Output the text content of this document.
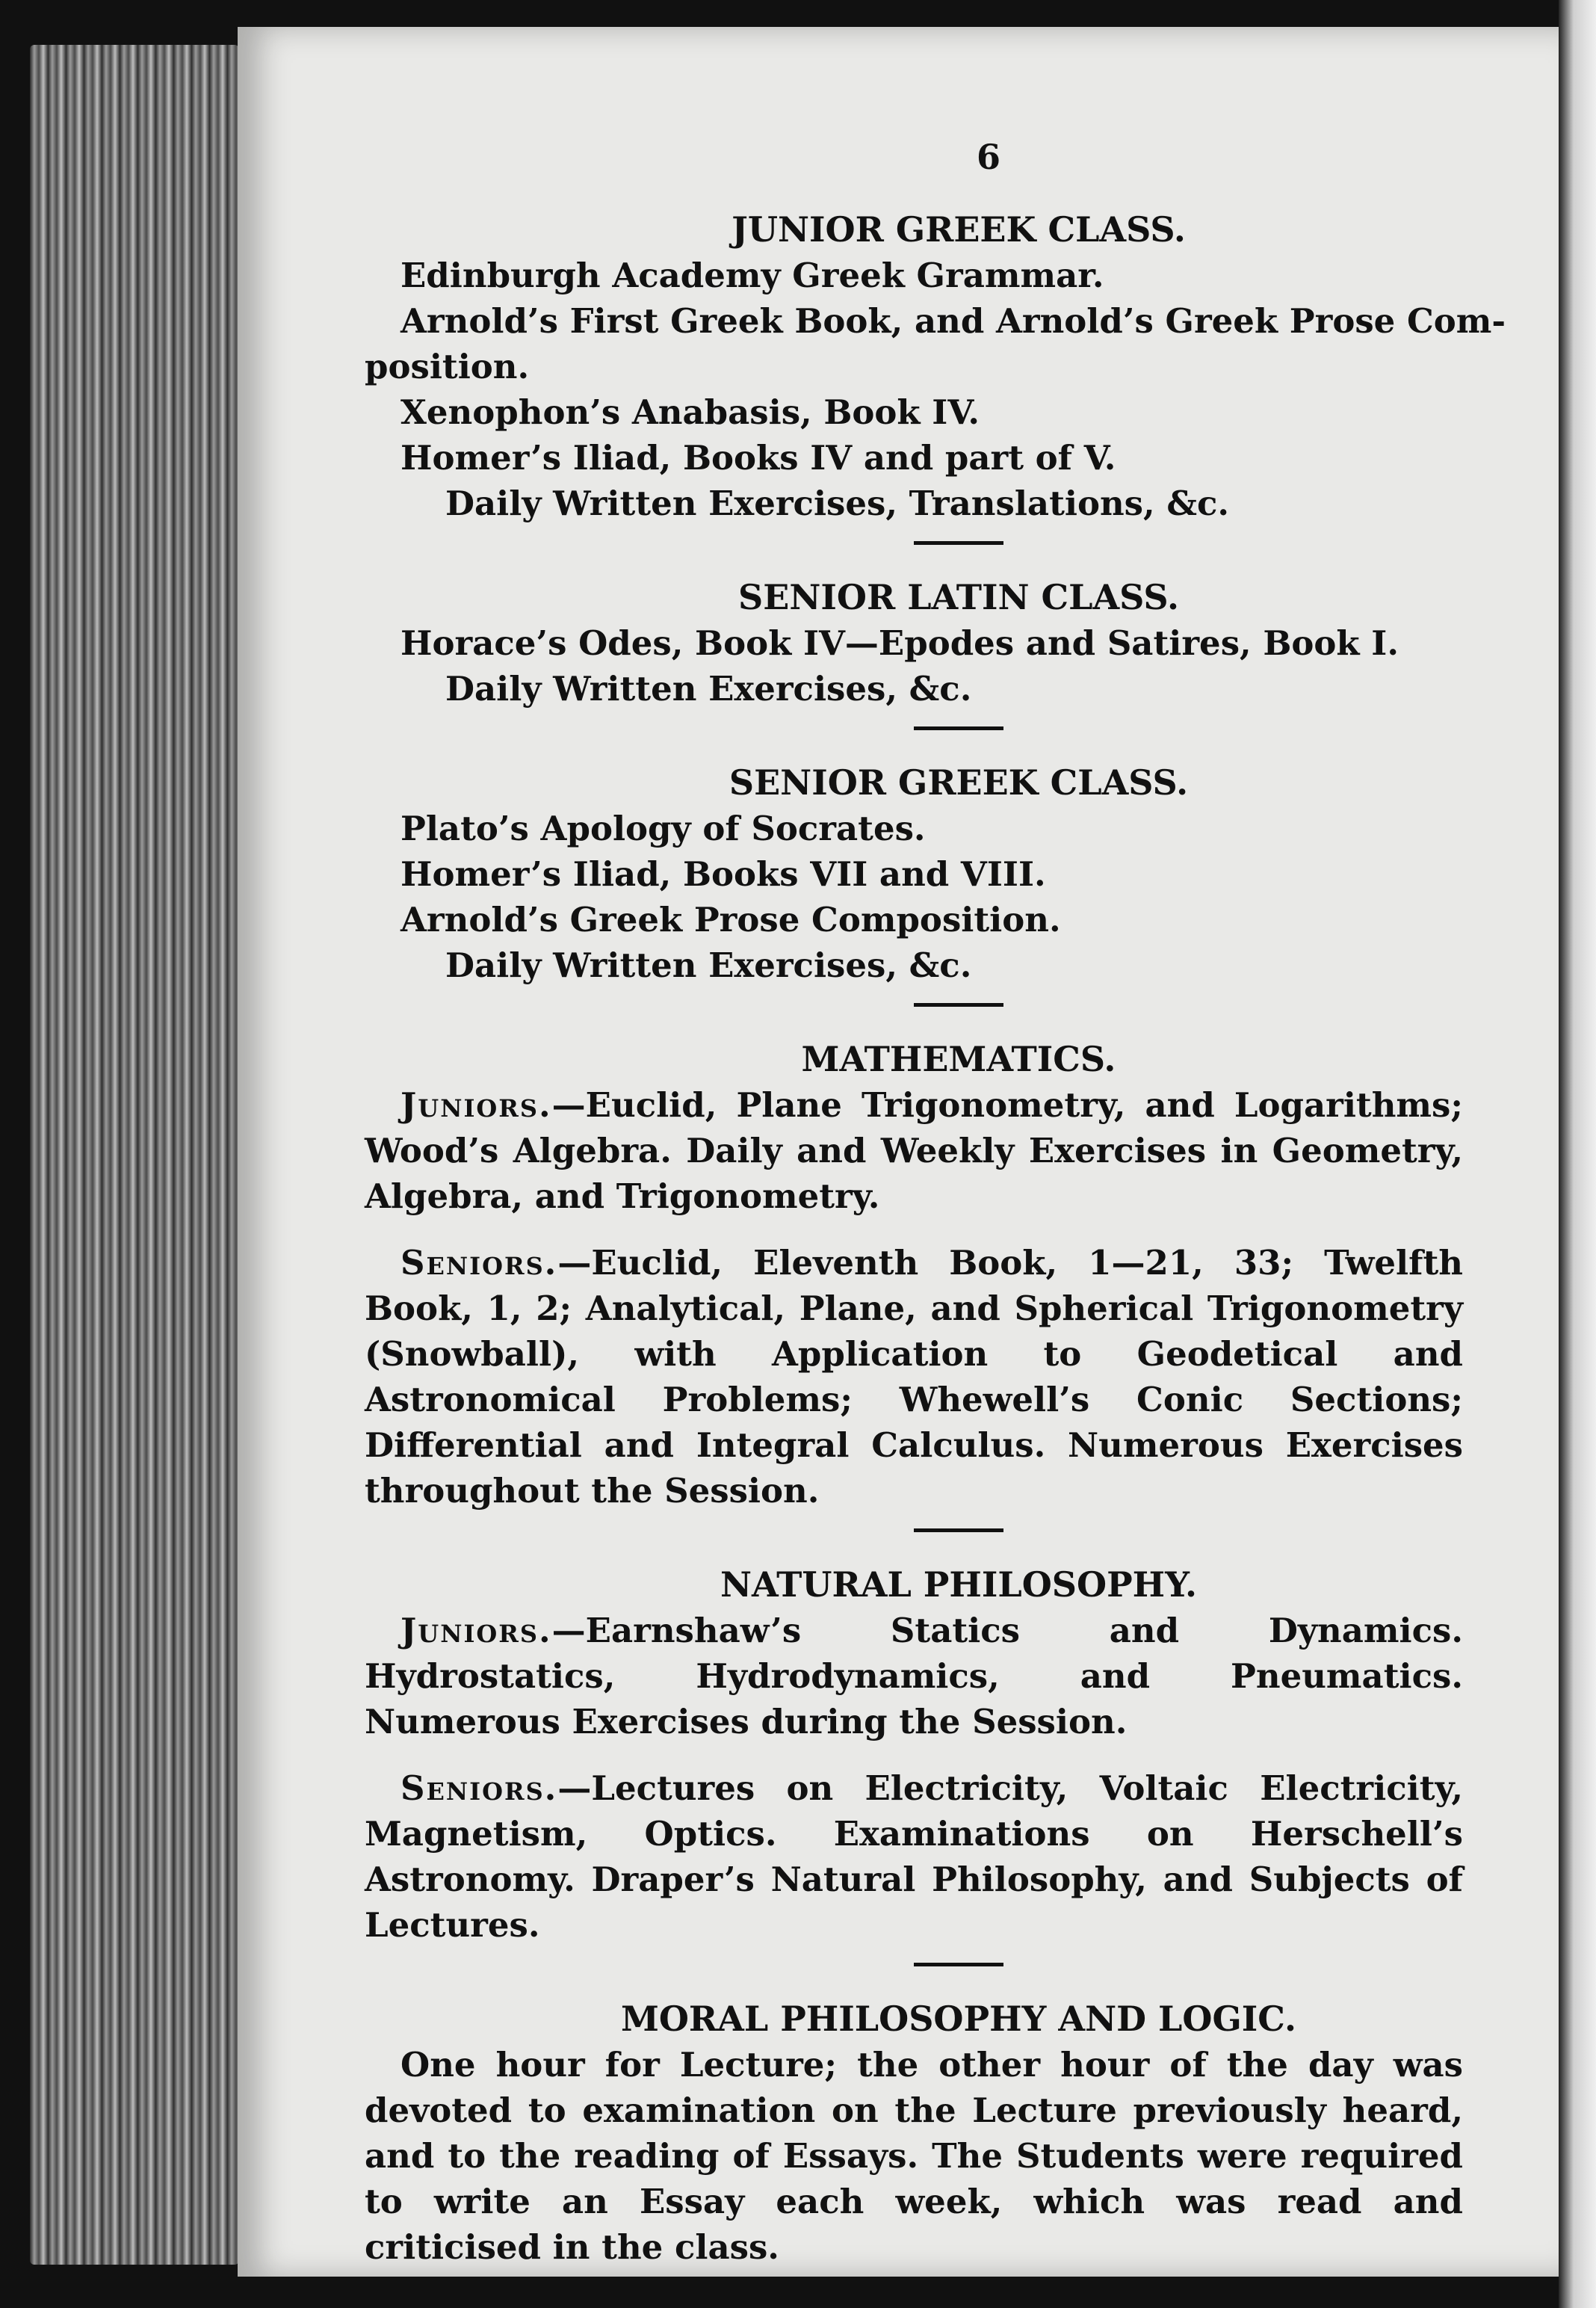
6

JUNIOR GREEK CLASS.

Edinburgh Academy Greek Grammar.

Arnold’s First Greek Book, and Arnold’s Greek Prose Com-

position.

Xenophon’s Anabasis, Book IV.

Homer’s Iliad, Books IV and part of V.

Daily Written Exercises, Translations, &c.

SENIOR LATIN CLASS.

Horace’s Odes, Book IV—Epodes and Satires, Book I.

Daily Written Exercises, &c.

SENIOR GREEK CLASS.

Plato’s Apology of Socrates.

Homer’s Iliad, Books VII and VIII.

Arnold’s Greek Prose Composition.

Daily Written Exercises, &c.

MATHEMATICS.

Juniors.—Euclid, Plane Trigonometry, and Logarithms; Wood’s Algebra. Daily and Weekly Exercises in Geometry, Algebra, and Trigonometry.

Seniors.—Euclid, Eleventh Book, 1—21, 33; Twelfth Book, 1, 2; Analytical, Plane, and Spherical Trigonometry (Snowball), with Application to Geodetical and Astronomical Problems; Whewell’s Conic Sections; Differential and Integral Calculus. Numerous Exercises throughout the Session.

NATURAL PHILOSOPHY.

Juniors.—Earnshaw’s Statics and Dynamics. Hydrostatics, Hydrodynamics, and Pneumatics. Numerous Exercises during the Session.

Seniors.—Lectures on Electricity, Voltaic Electricity, Magnetism, Optics. Examinations on Herschell’s Astronomy. Draper’s Natural Philosophy, and Subjects of Lectures.

MORAL PHILOSOPHY AND LOGIC.

One hour for Lecture; the other hour of the day was devoted to examination on the Lecture previously heard, and to the reading of Essays. The Students were required to write an Essay each week, which was read and criticised in the class.
